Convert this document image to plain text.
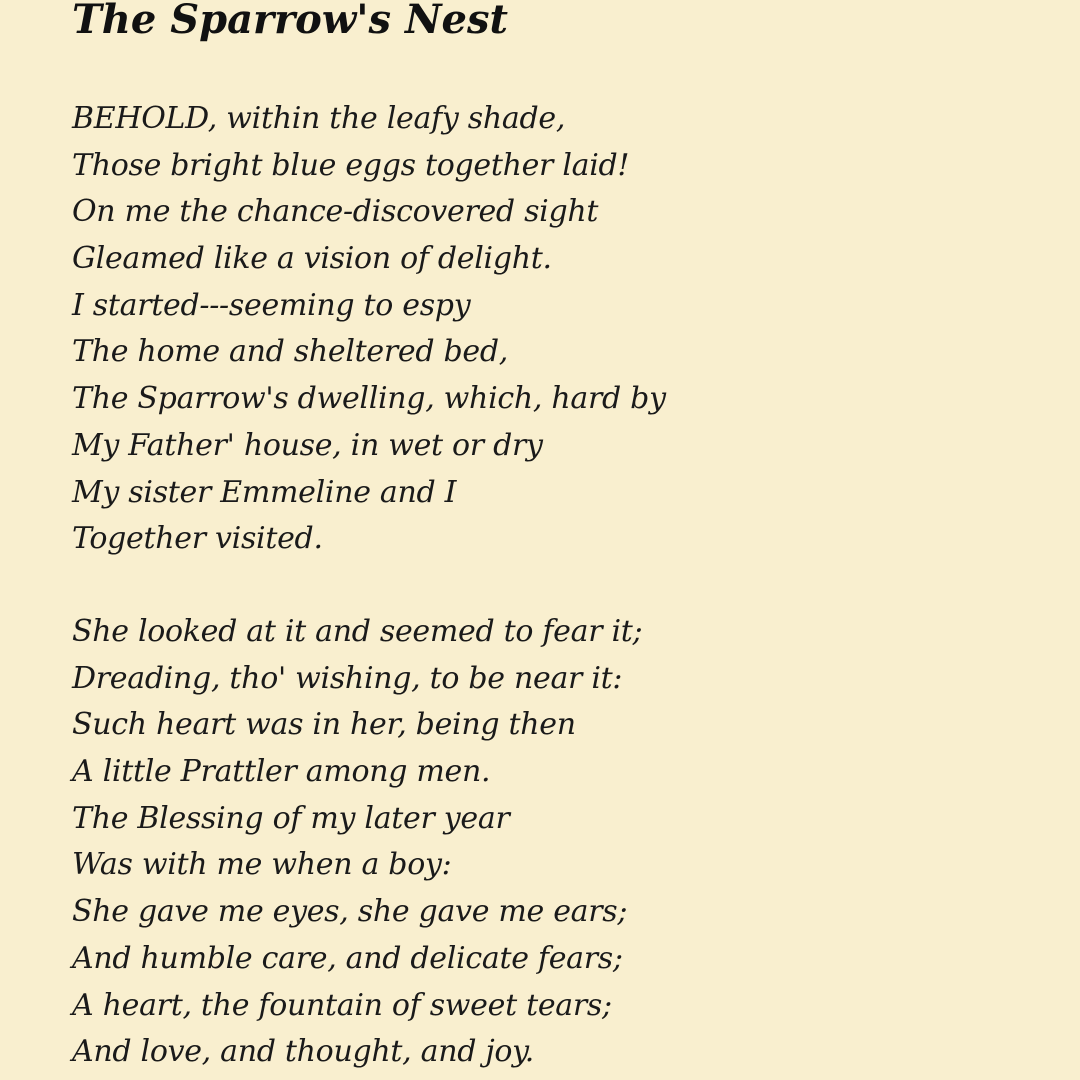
The Sparrow's Nest
BEHOLD, within the leafy shade,
Those bright blue eggs together laid!
On me the chance-discovered sight
Gleamed like a vision of delight.
I started---seeming to espy
The home and sheltered bed,
The Sparrow's dwelling, which, hard by
My Father' house, in wet or dry
My sister Emmeline and I
Together visited.
She looked at it and seemed to fear it;
Dreading, tho' wishing, to be near it:
Such heart was in her, being then
A little Prattler among men.
The Blessing of my later year
Was with me when a boy:
She gave me eyes, she gave me ears;
And humble care, and delicate fears;
A heart, the fountain of sweet tears;
And love, and thought, and joy.
